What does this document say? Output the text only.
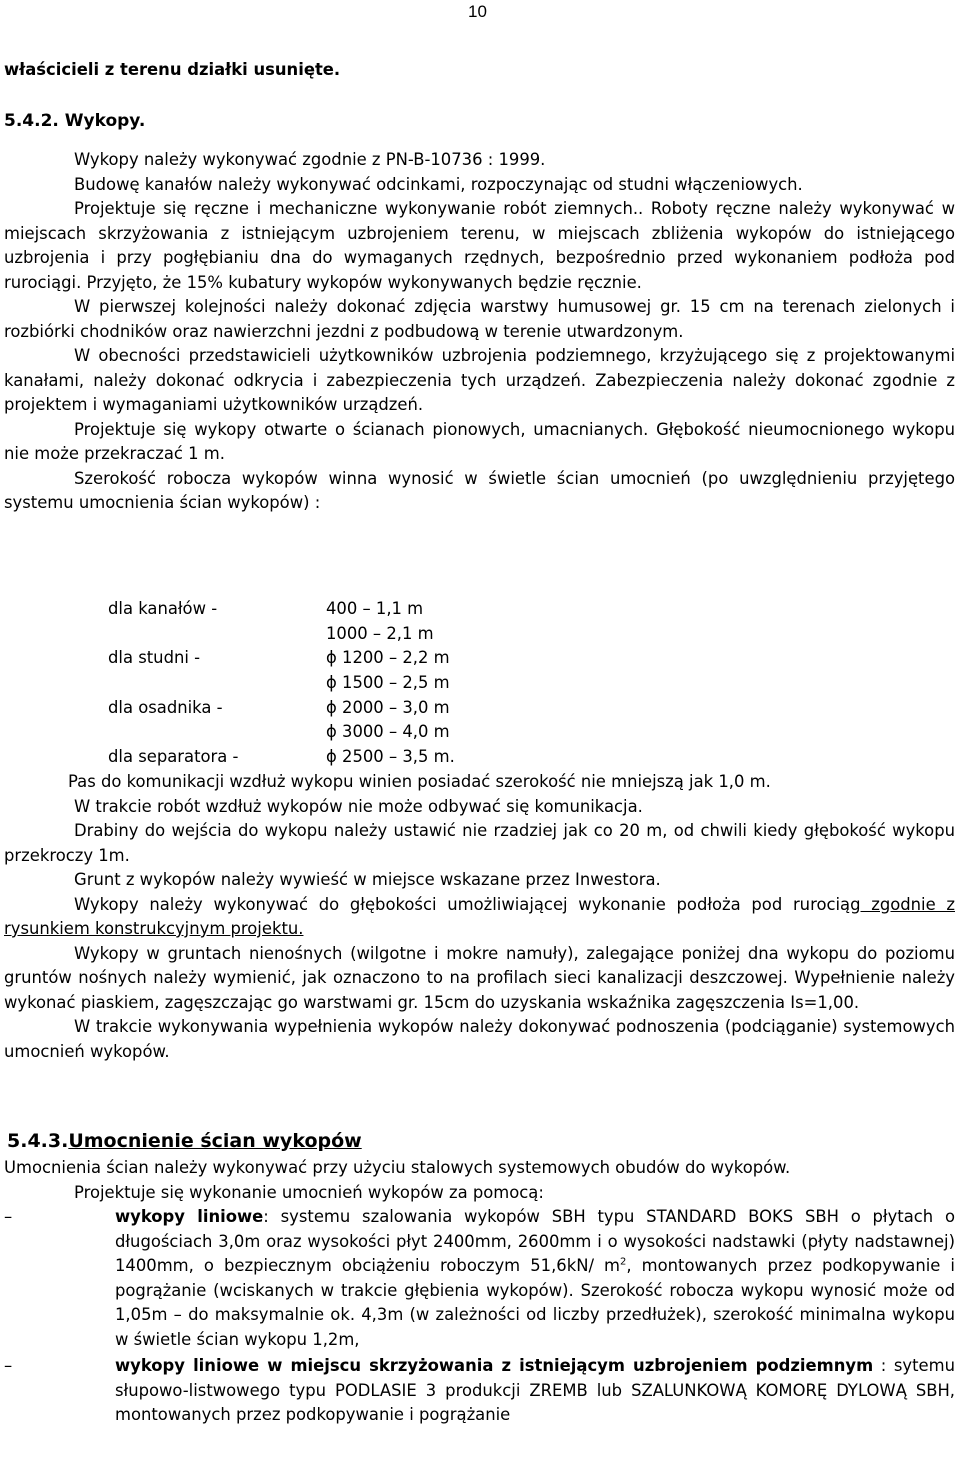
10

właścicieli z terenu działki usunięte.

5.4.2. Wykopy.

Wykopy należy wykonywać zgodnie z PN-B-10736 : 1999.

Budowę kanałów należy wykonywać odcinkami, rozpoczynając od studni włączeniowych.

Projektuje się ręczne i mechaniczne wykonywanie robót ziemnych.. Roboty ręczne należy wykonywać w miejscach skrzyżowania z istniejącym uzbrojeniem terenu, w miejscach zbliżenia wykopów do istniejącego uzbrojenia i przy pogłębianiu dna do wymaganych rzędnych, bezpośrednio przed wykonaniem podłoża pod rurociągi. Przyjęto, że 15% kubatury wykopów wykonywanych będzie ręcznie.

W pierwszej kolejności należy dokonać zdjęcia warstwy humusowej gr. 15 cm na terenach zielonych i rozbiórki chodników oraz nawierzchni jezdni z podbudową w terenie utwardzonym.

W obecności przedstawicieli użytkowników uzbrojenia podziemnego, krzyżującego się z projektowanymi kanałami, należy dokonać odkrycia i zabezpieczenia tych urządzeń. Zabezpieczenia należy dokonać zgodnie z projektem i wymaganiami użytkowników urządzeń.

Projektuje się wykopy otwarte o ścianach pionowych, umacnianych. Głębokość nieumocnionego wykopu nie może przekraczać 1 m.

Szerokość robocza wykopów winna wynosić w świetle ścian umocnień (po uwzględnieniu przyjętego systemu umocnienia ścian wykopów) :

dla kanałów -	400 – 1,1 m
1000 – 2,1 m
dla studni -	ϕ 1200 – 2,2 m
ϕ 1500 – 2,5 m
dla osadnika -	ϕ 2000 – 3,0 m
ϕ 3000 – 4,0 m
dla separatora -	ϕ 2500 – 3,5 m.

Pas do komunikacji wzdłuż wykopu winien posiadać szerokość nie mniejszą jak 1,0 m.

W trakcie robót wzdłuż wykopów nie może odbywać się komunikacja.

Drabiny do wejścia do wykopu należy ustawić nie rzadziej jak co 20 m, od chwili kiedy głębokość wykopu przekroczy 1m.

Grunt z wykopów należy wywieść w miejsce wskazane przez Inwestora.

Wykopy należy wykonywać do głębokości umożliwiającej wykonanie podłoża pod rurociąg zgodnie z rysunkiem konstrukcyjnym projektu.

Wykopy w gruntach nienośnych (wilgotne i mokre namuły), zalegające poniżej dna wykopu do poziomu gruntów nośnych należy wymienić, jak oznaczono to na profilach sieci kanalizacji deszczowej. Wypełnienie należy wykonać piaskiem, zagęszczając go warstwami gr. 15cm do uzyskania wskaźnika zagęszczenia Is=1,00.

W trakcie wykonywania wypełnienia wykopów należy dokonywać podnoszenia (podciąganie) systemowych umocnień wykopów.

5.4.3.Umocnienie ścian wykopów

Umocnienia ścian należy wykonywać przy użyciu stalowych systemowych obudów do wykopów.

Projektuje się wykonanie umocnień wykopów za pomocą:

–	wykopy liniowe: systemu szalowania wykopów SBH typu STANDARD BOKS SBH o płytach o długościach 3,0m oraz wysokości płyt 2400mm, 2600mm i o wysokości nadstawki (płyty nadstawnej) 1400mm, o bezpiecznym obciążeniu roboczym 51,6kN/ $m^2$, montowanych przez podkopywanie i pogrążanie (wciskanych w trakcie głębienia wykopów). Szerokość robocza wykopu wynosić może od 1,05m – do maksymalnie ok. 4,3m (w zależności od liczby przedłużek), szerokość minimalna wykopu w świetle ścian wykopu 1,2m,

–	wykopy liniowe w miejscu skrzyżowania z istniejącym uzbrojeniem podziemnym : sytemu słupowo-listwowego typu PODLASIE 3 produkcji ZREMB lub SZALUNKOWĄ KOMORĘ DYLOWĄ SBH, montowanych przez podkopywanie i pogrążanie
